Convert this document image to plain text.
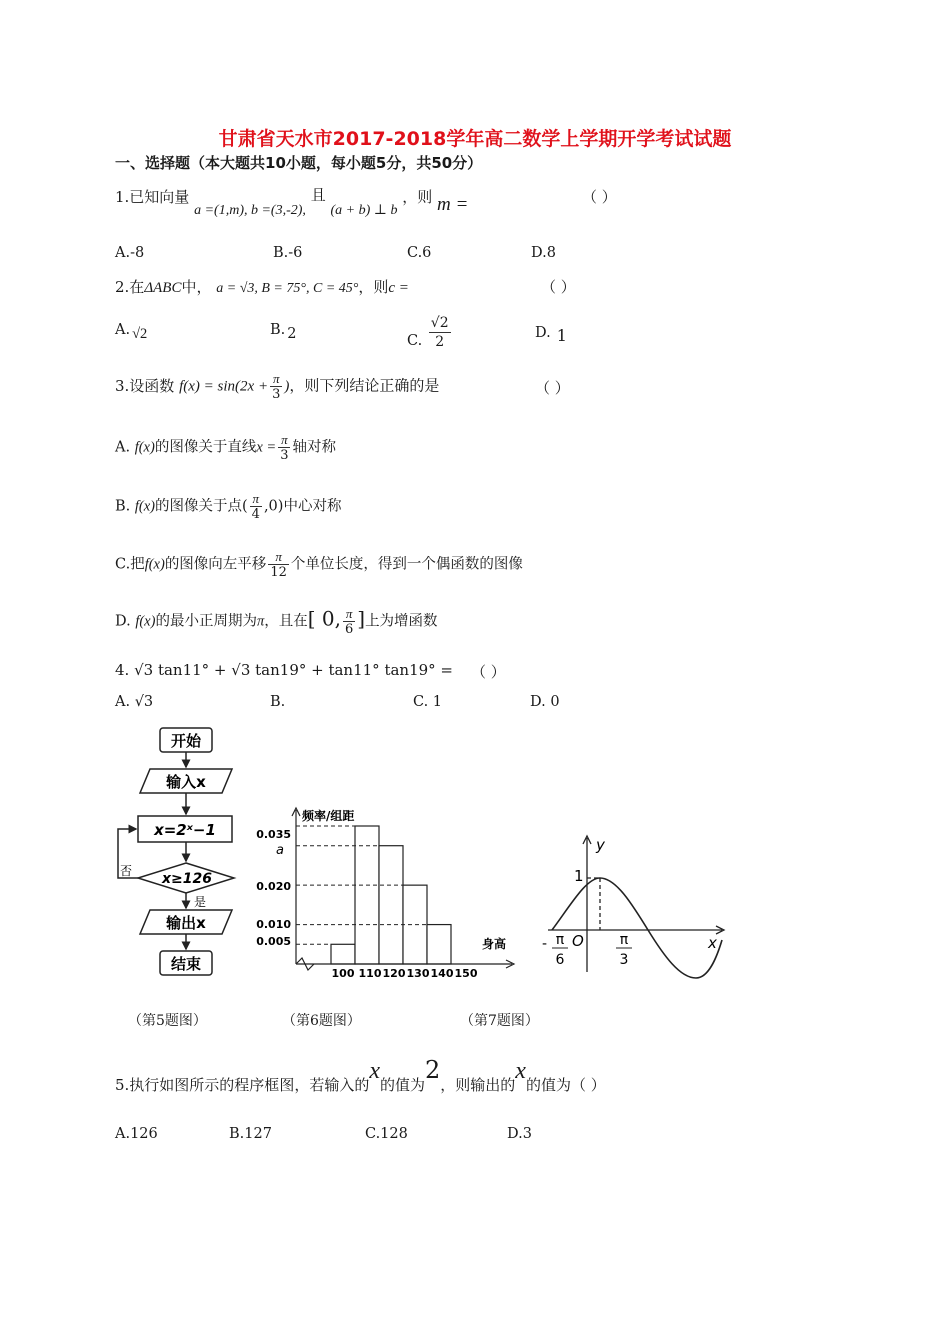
甘肃省天水市2017-2018学年高二数学上学期开学考试试题
一、选择题（本大题共10小题，每小题5分，共50分）
1.已知向量 a =(1,m), b =(3,-2), 且 (a + b) ⊥ b ，则 m =	（ ）
A.-8	B.-6	C.6	D.8
2.在ΔABC中， a = √3, B = 75°, C = 45°，则c =	（ ）
A. √2	B. 2	C. $\frac{√2}{2}$	D. 1
3.设函数 $f(x) = \sin(2x + \frac{\pi}{3}$ )，则下列结论正确的是	（ ）
A. f(x)的图像关于直线$x = \frac{\pi}{3}$ 轴对称
B. f(x)的图像关于点( $\frac{\pi}{4} ,0$)中心对称
C.把f(x)的图像向左平移 $\frac{\pi}{12}$ 个单位长度，得到一个偶函数的图像
D. f(x)的最小正周期为π，且在[ 0, $\frac{\pi}{6}$ ]上为增函数
4. √3 tan11° + √3 tan19° + tan11° tan19° = （ ）
A. √3	B.	C. 1	D. 0
开始
输入x
x=2ˣ−1
x≥126
否
是
输出x
结束
频率/组距
身高
0.035
a
0.020
0.010
0.005
100 110 120 130 140 150
y
x
1
O
- π
6
π
3
（第5题图）	（第6题图）	（第7题图）
5.执行如图所示的程序框图，若输入的x的值为2，则输出的x的值为（ ）
A.126	B.127	C.128	D.3
